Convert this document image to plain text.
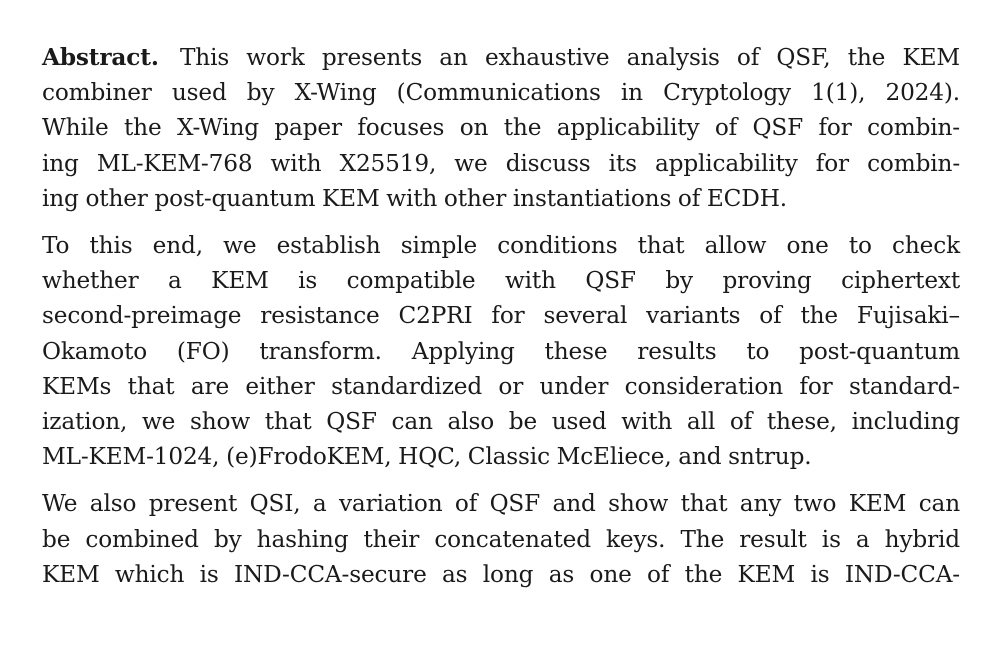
Abstract. This work presents an exhaustive analysis of QSF, the KEM
combiner used by X-Wing (Communications in Cryptology 1(1), 2024).
While the X-Wing paper focuses on the applicability of QSF for combin-
ing ML-KEM-768 with X25519, we discuss its applicability for combin-
ing other post-quantum KEM with other instantiations of ECDH.

To this end, we establish simple conditions that allow one to check
whether a KEM is compatible with QSF by proving ciphertext
second-preimage resistance C2PRI for several variants of the Fujisaki–
Okamoto (FO) transform. Applying these results to post-quantum
KEMs that are either standardized or under consideration for standard-
ization, we show that QSF can also be used with all of these, including
ML-KEM-1024, (e)FrodoKEM, HQC, Classic McEliece, and sntrup.

We also present QSI, a variation of QSF and show that any two KEM can
be combined by hashing their concatenated keys. The result is a hybrid
KEM which is IND-CCA-secure as long as one of the KEM is IND-CCA-
